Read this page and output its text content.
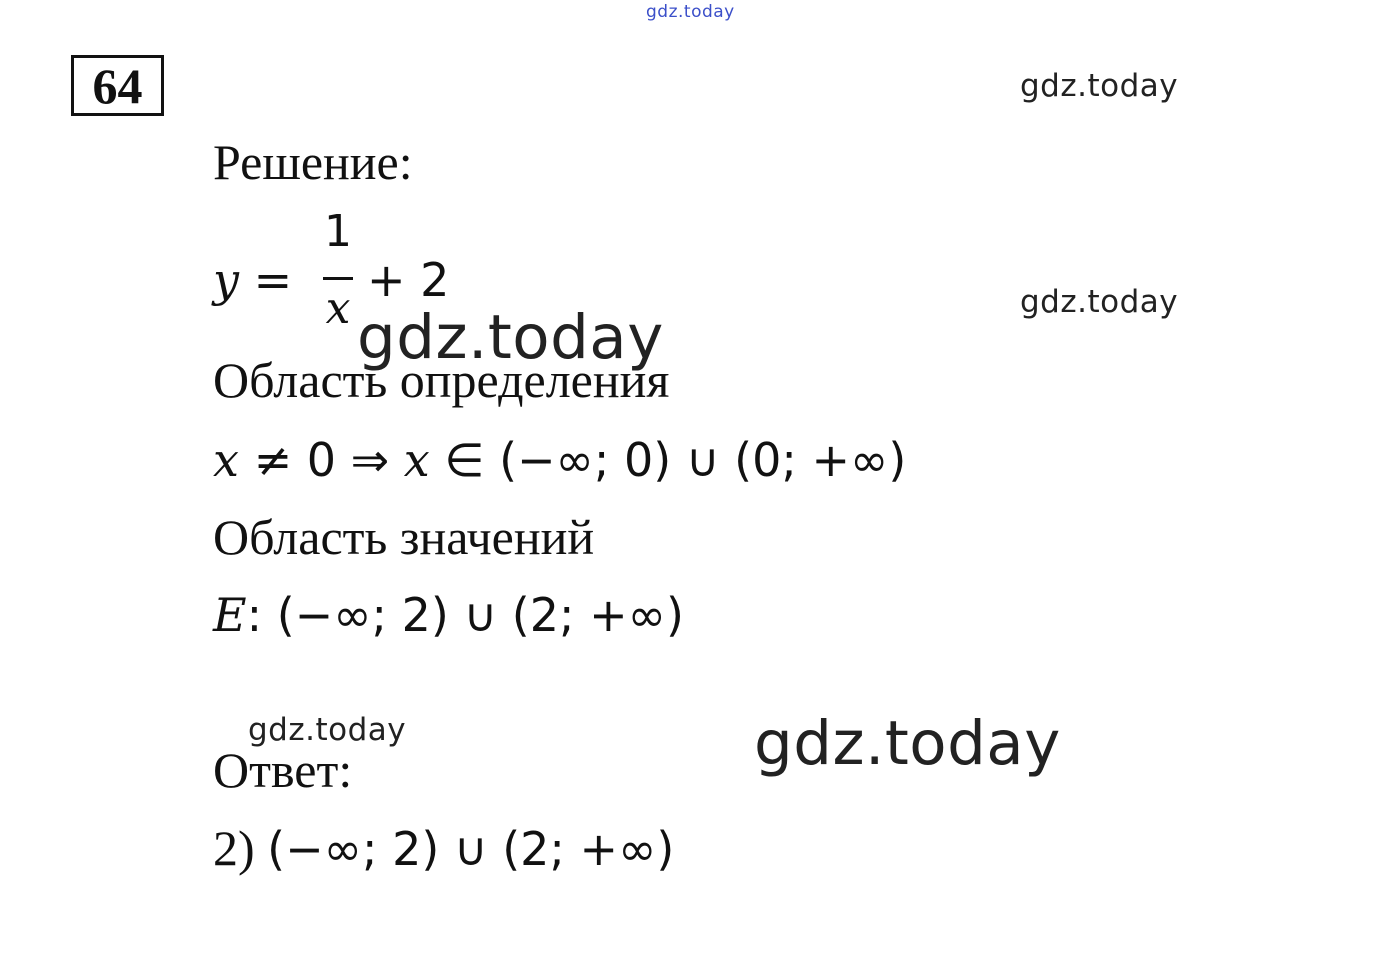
gdz.today
64	gdz.today
Решение:
y =
1
x
+ 2	gdz.today
Область определения
gdz.today
x ≠ 0 ⇒ x ∈ (−∞; 0) ∪ (0; +∞)
Область значений
E: (−∞; 2) ∪ (2; +∞)
gdz.today	gdz.today
Ответ:
2) (−∞; 2) ∪ (2; +∞)
